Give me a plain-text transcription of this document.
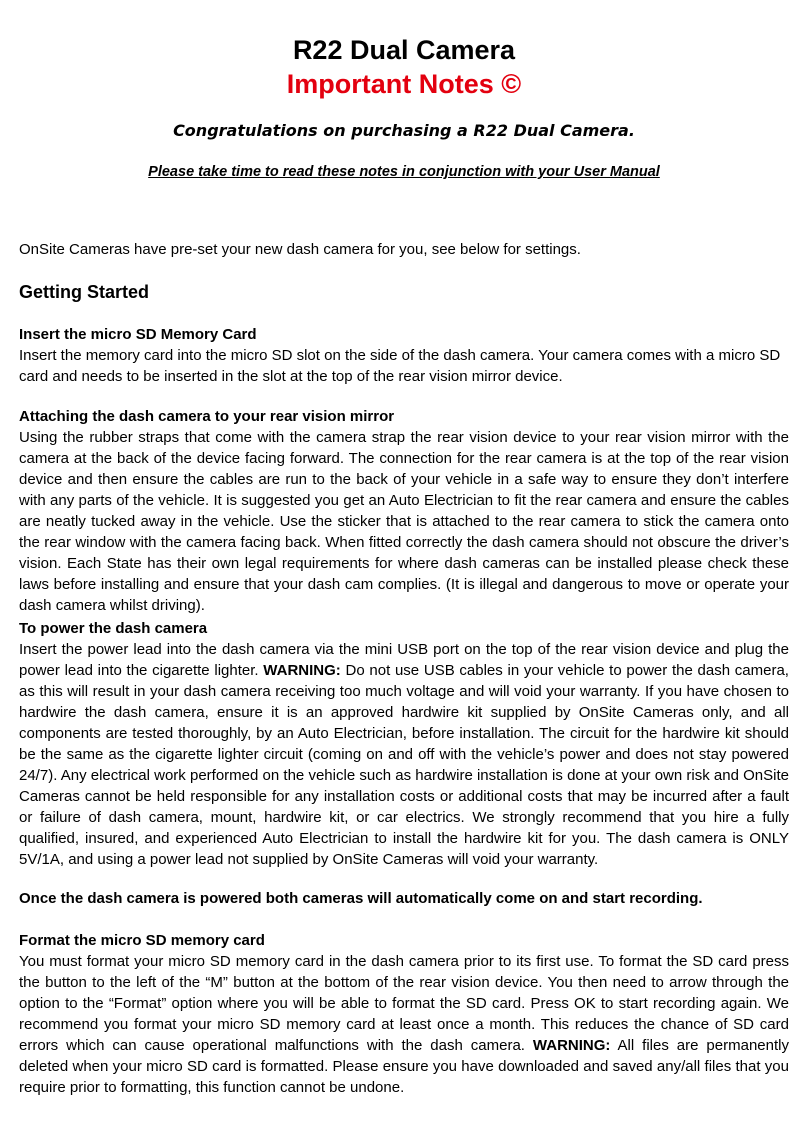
R22 Dual Camera
Important Notes ©
Congratulations on purchasing a R22 Dual Camera.
Please take time to read these notes in conjunction with your User Manual
OnSite Cameras have pre-set your new dash camera for you, see below for settings.
Getting Started
Insert the micro SD Memory Card
Insert the memory card into the micro SD slot on the side of the dash camera. Your camera comes with a micro SD card and needs to be inserted in the slot at the top of the rear vision mirror device.
Attaching the dash camera to your rear vision mirror
Using the rubber straps that come with the camera strap the rear vision device to your rear vision mirror with the camera at the back of the device facing forward. The connection for the rear camera is at the top of the rear vision device and then ensure the cables are run to the back of your vehicle in a safe way to ensure they don’t interfere with any parts of the vehicle. It is suggested you get an Auto Electrician to fit the rear camera and ensure the cables are neatly tucked away in the vehicle. Use the sticker that is attached to the rear camera to stick the camera onto the rear window with the camera facing back. When fitted correctly the dash camera should not obscure the driver’s vision. Each State has their own legal requirements for where dash cameras can be installed please check these laws before installing and ensure that your dash cam complies. (It is illegal and dangerous to move or operate your dash camera whilst driving).
To power the dash camera
Insert the power lead into the dash camera via the mini USB port on the top of the rear vision device and plug the power lead into the cigarette lighter. WARNING: Do not use USB cables in your vehicle to power the dash camera, as this will result in your dash camera receiving too much voltage and will void your warranty. If you have chosen to hardwire the dash camera, ensure it is an approved hardwire kit supplied by OnSite Cameras only, and all components are tested thoroughly, by an Auto Electrician, before installation. The circuit for the hardwire kit should be the same as the cigarette lighter circuit (coming on and off with the vehicle’s power and does not stay powered 24/7). Any electrical work performed on the vehicle such as hardwire installation is done at your own risk and OnSite Cameras cannot be held responsible for any installation costs or additional costs that may be incurred after a fault or failure of dash camera, mount, hardwire kit, or car electrics. We strongly recommend that you hire a fully qualified, insured, and experienced Auto Electrician to install the hardwire kit for you. The dash camera is ONLY 5V/1A, and using a power lead not supplied by OnSite Cameras will void your warranty.
Once the dash camera is powered both cameras will automatically come on and start recording.
Format the micro SD memory card
You must format your micro SD memory card in the dash camera prior to its first use. To format the SD card press the button to the left of the “M” button at the bottom of the rear vision device. You then need to arrow through the option to the “Format” option where you will be able to format the SD card. Press OK to start recording again. We recommend you format your micro SD memory card at least once a month. This reduces the chance of SD card errors which can cause operational malfunctions with the dash camera. WARNING: All files are permanently deleted when your micro SD card is formatted. Please ensure you have downloaded and saved any/all files that you require prior to formatting, this function cannot be undone.
